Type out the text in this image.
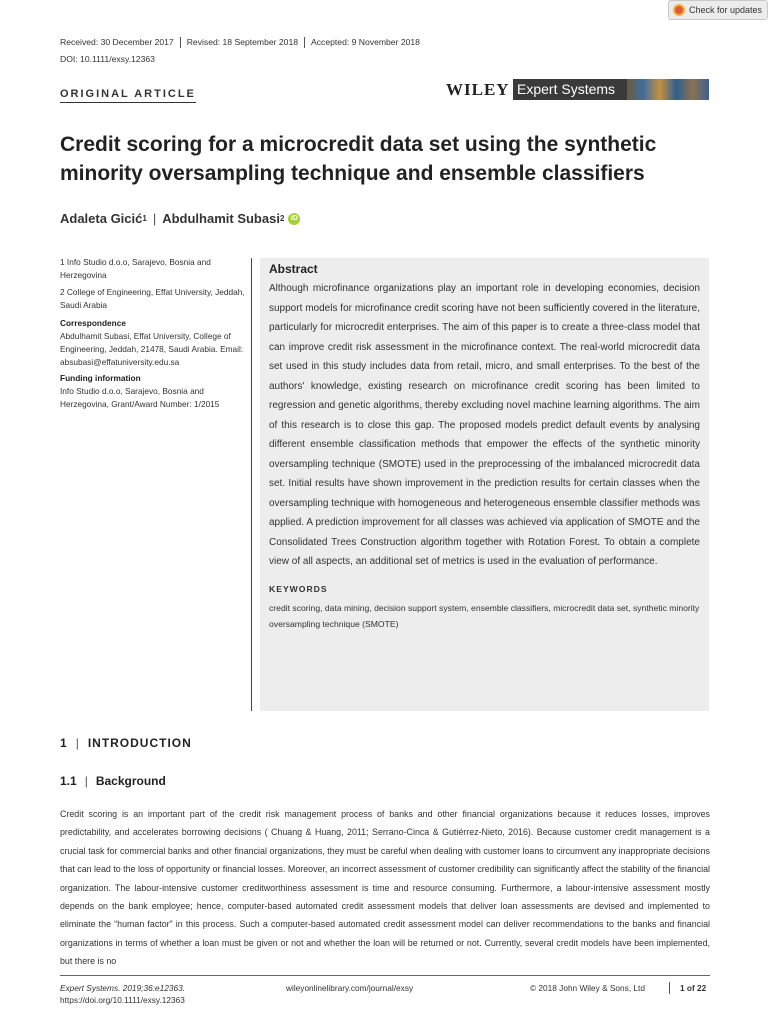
Check for updates
Received: 30 December 2017	Revised: 18 September 2018	Accepted: 9 November 2018
DOI: 10.1111/exsy.12363
ORIGINAL ARTICLE	WILEY Expert Systems
Credit scoring for a microcredit data set using the synthetic minority oversampling technique and ensemble classifiers
Adaleta Gicić 1 | Abdulhamit Subasi 2 iD
1 Info Studio d.o.o, Sarajevo, Bosnia and Herzegovina
2 College of Engineering, Effat University, Jeddah, Saudi Arabia
Correspondence
Abdulhamit Subasi, Effat University, College of Engineering, Jeddah, 21478, Saudi Arabia. Email: absubasi@effatuniversity.edu.sa
Funding information
Info Studio d.o.o, Sarajevo, Bosnia and Herzegovina, Grant/Award Number: 1/2015
Abstract

Although microfinance organizations play an important role in developing economies, decision support models for microfinance credit scoring have not been sufficiently covered in the literature, particularly for microcredit enterprises. The aim of this paper is to create a three-class model that can improve credit risk assessment in the microfinance context. The real-world microcredit data set used in this study includes data from retail, micro, and small enterprises. To the best of the authors' knowledge, existing research on microfinance credit scoring has been limited to regression and genetic algorithms, thereby excluding novel machine learning algorithms. The aim of this research is to close this gap. The proposed models predict default events by analysing different ensemble classification methods that empower the effects of the synthetic minority oversampling technique (SMOTE) used in the preprocessing of the imbalanced microcredit data set. Initial results have shown improvement in the prediction results for certain classes when the oversampling technique with homogeneous and heterogeneous ensemble classifier methods was applied. A prediction improvement for all classes was achieved via application of SMOTE and the Consolidated Trees Construction algorithm together with Rotation Forest. To obtain a complete view of all aspects, an additional set of metrics is used in the evaluation of performance.

KEYWORDS
credit scoring, data mining, decision support system, ensemble classifiers, microcredit data set, synthetic minority oversampling technique (SMOTE)
1 | INTRODUCTION
1.1 | Background

Credit scoring is an important part of the credit risk management process of banks and other financial organizations because it reduces losses, improves predictability, and accelerates borrowing decisions ( Chuang & Huang, 2011; Serrano-Cinca & Gutiérrez-Nieto, 2016). Because customer credit management is a crucial task for commercial banks and other financial organizations, they must be careful when dealing with customer loans to circumvent any inappropriate decisions that can lead to the loss of opportunity or financial losses. Moreover, an incorrect assessment of customer credibility can significantly affect the stability of the financial organization. The labour-intensive customer creditworthiness assessment is time and resource consuming. Furthermore, a labour-intensive assessment mostly depends on the bank employee; hence, computer-based automated credit assessment models that deliver loan assessments are devised and implemented to eliminate the “human factor” in this process. Such a computer-based automated credit assessment model can deliver recommendations to the banks and financial organizations in terms of whether a loan must be given or not and whether the loan will be returned or not. Currently, several credit models have been implemented, but there is no

Expert Systems. 2019;36:e12363.
https://doi.org/10.1111/exsy.12363
wileyonlinelibrary.com/journal/exsy	© 2018 John Wiley & Sons, Ltd	1 of 22
